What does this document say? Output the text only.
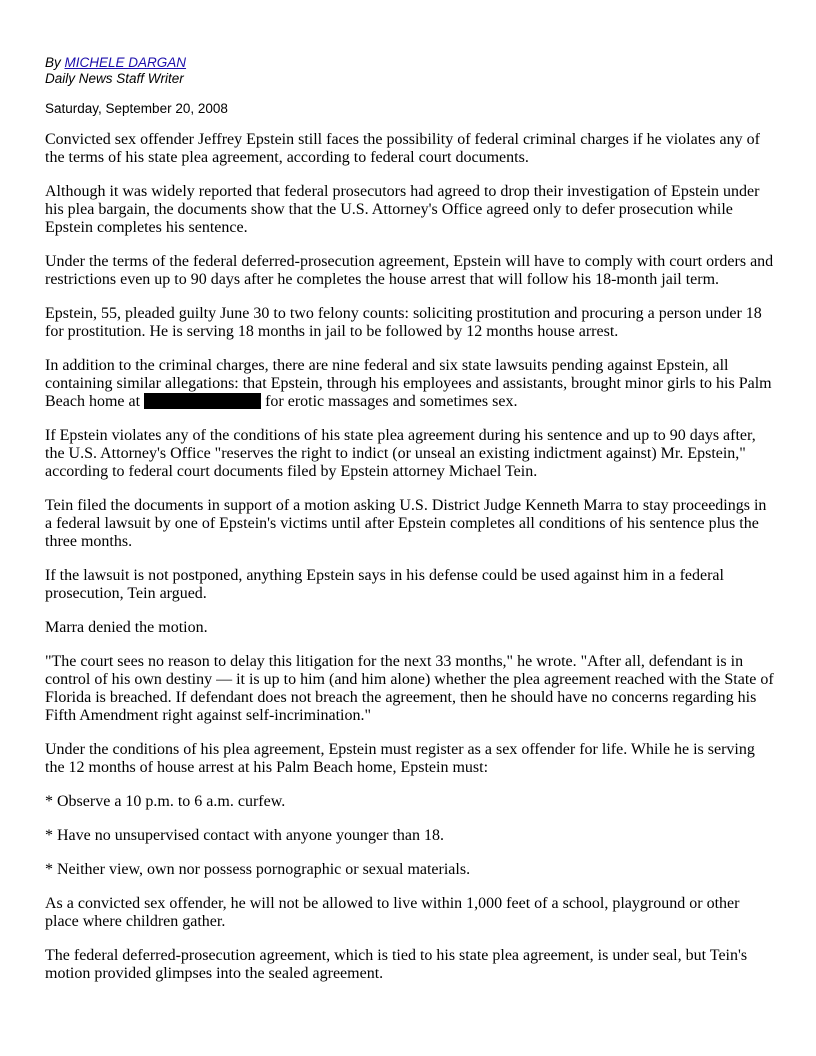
By MICHELE DARGAN
Daily News Staff Writer
Saturday, September 20, 2008

Convicted sex offender Jeffrey Epstein still faces the possibility of federal criminal charges if he violates any of the terms of his state plea agreement, according to federal court documents.

Although it was widely reported that federal prosecutors had agreed to drop their investigation of Epstein under his plea bargain, the documents show that the U.S. Attorney's Office agreed only to defer prosecution while Epstein completes his sentence.

Under the terms of the federal deferred-prosecution agreement, Epstein will have to comply with court orders and restrictions even up to 90 days after he completes the house arrest that will follow his 18-month jail term.

Epstein, 55, pleaded guilty June 30 to two felony counts: soliciting prostitution and procuring a person under 18 for prostitution. He is serving 18 months in jail to be followed by 12 months house arrest.

In addition to the criminal charges, there are nine federal and six state lawsuits pending against Epstein, all containing similar allegations: that Epstein, through his employees and assistants, brought minor girls to his Palm Beach home at	for erotic massages and sometimes sex.

If Epstein violates any of the conditions of his state plea agreement during his sentence and up to 90 days after, the U.S. Attorney's Office "reserves the right to indict (or unseal an existing indictment against) Mr. Epstein," according to federal court documents filed by Epstein attorney Michael Tein.

Tein filed the documents in support of a motion asking U.S. District Judge Kenneth Marra to stay proceedings in a federal lawsuit by one of Epstein's victims until after Epstein completes all conditions of his sentence plus the three months.

If the lawsuit is not postponed, anything Epstein says in his defense could be used against him in a federal prosecution, Tein argued.

Marra denied the motion.

"The court sees no reason to delay this litigation for the next 33 months," he wrote. "After all, defendant is in control of his own destiny — it is up to him (and him alone) whether the plea agreement reached with the State of Florida is breached. If defendant does not breach the agreement, then he should have no concerns regarding his Fifth Amendment right against self-incrimination."

Under the conditions of his plea agreement, Epstein must register as a sex offender for life. While he is serving the 12 months of house arrest at his Palm Beach home, Epstein must:

* Observe a 10 p.m. to 6 a.m. curfew.

* Have no unsupervised contact with anyone younger than 18.

* Neither view, own nor possess pornographic or sexual materials.

As a convicted sex offender, he will not be allowed to live within 1,000 feet of a school, playground or other place where children gather.

The federal deferred-prosecution agreement, which is tied to his state plea agreement, is under seal, but Tein's motion provided glimpses into the sealed agreement.
